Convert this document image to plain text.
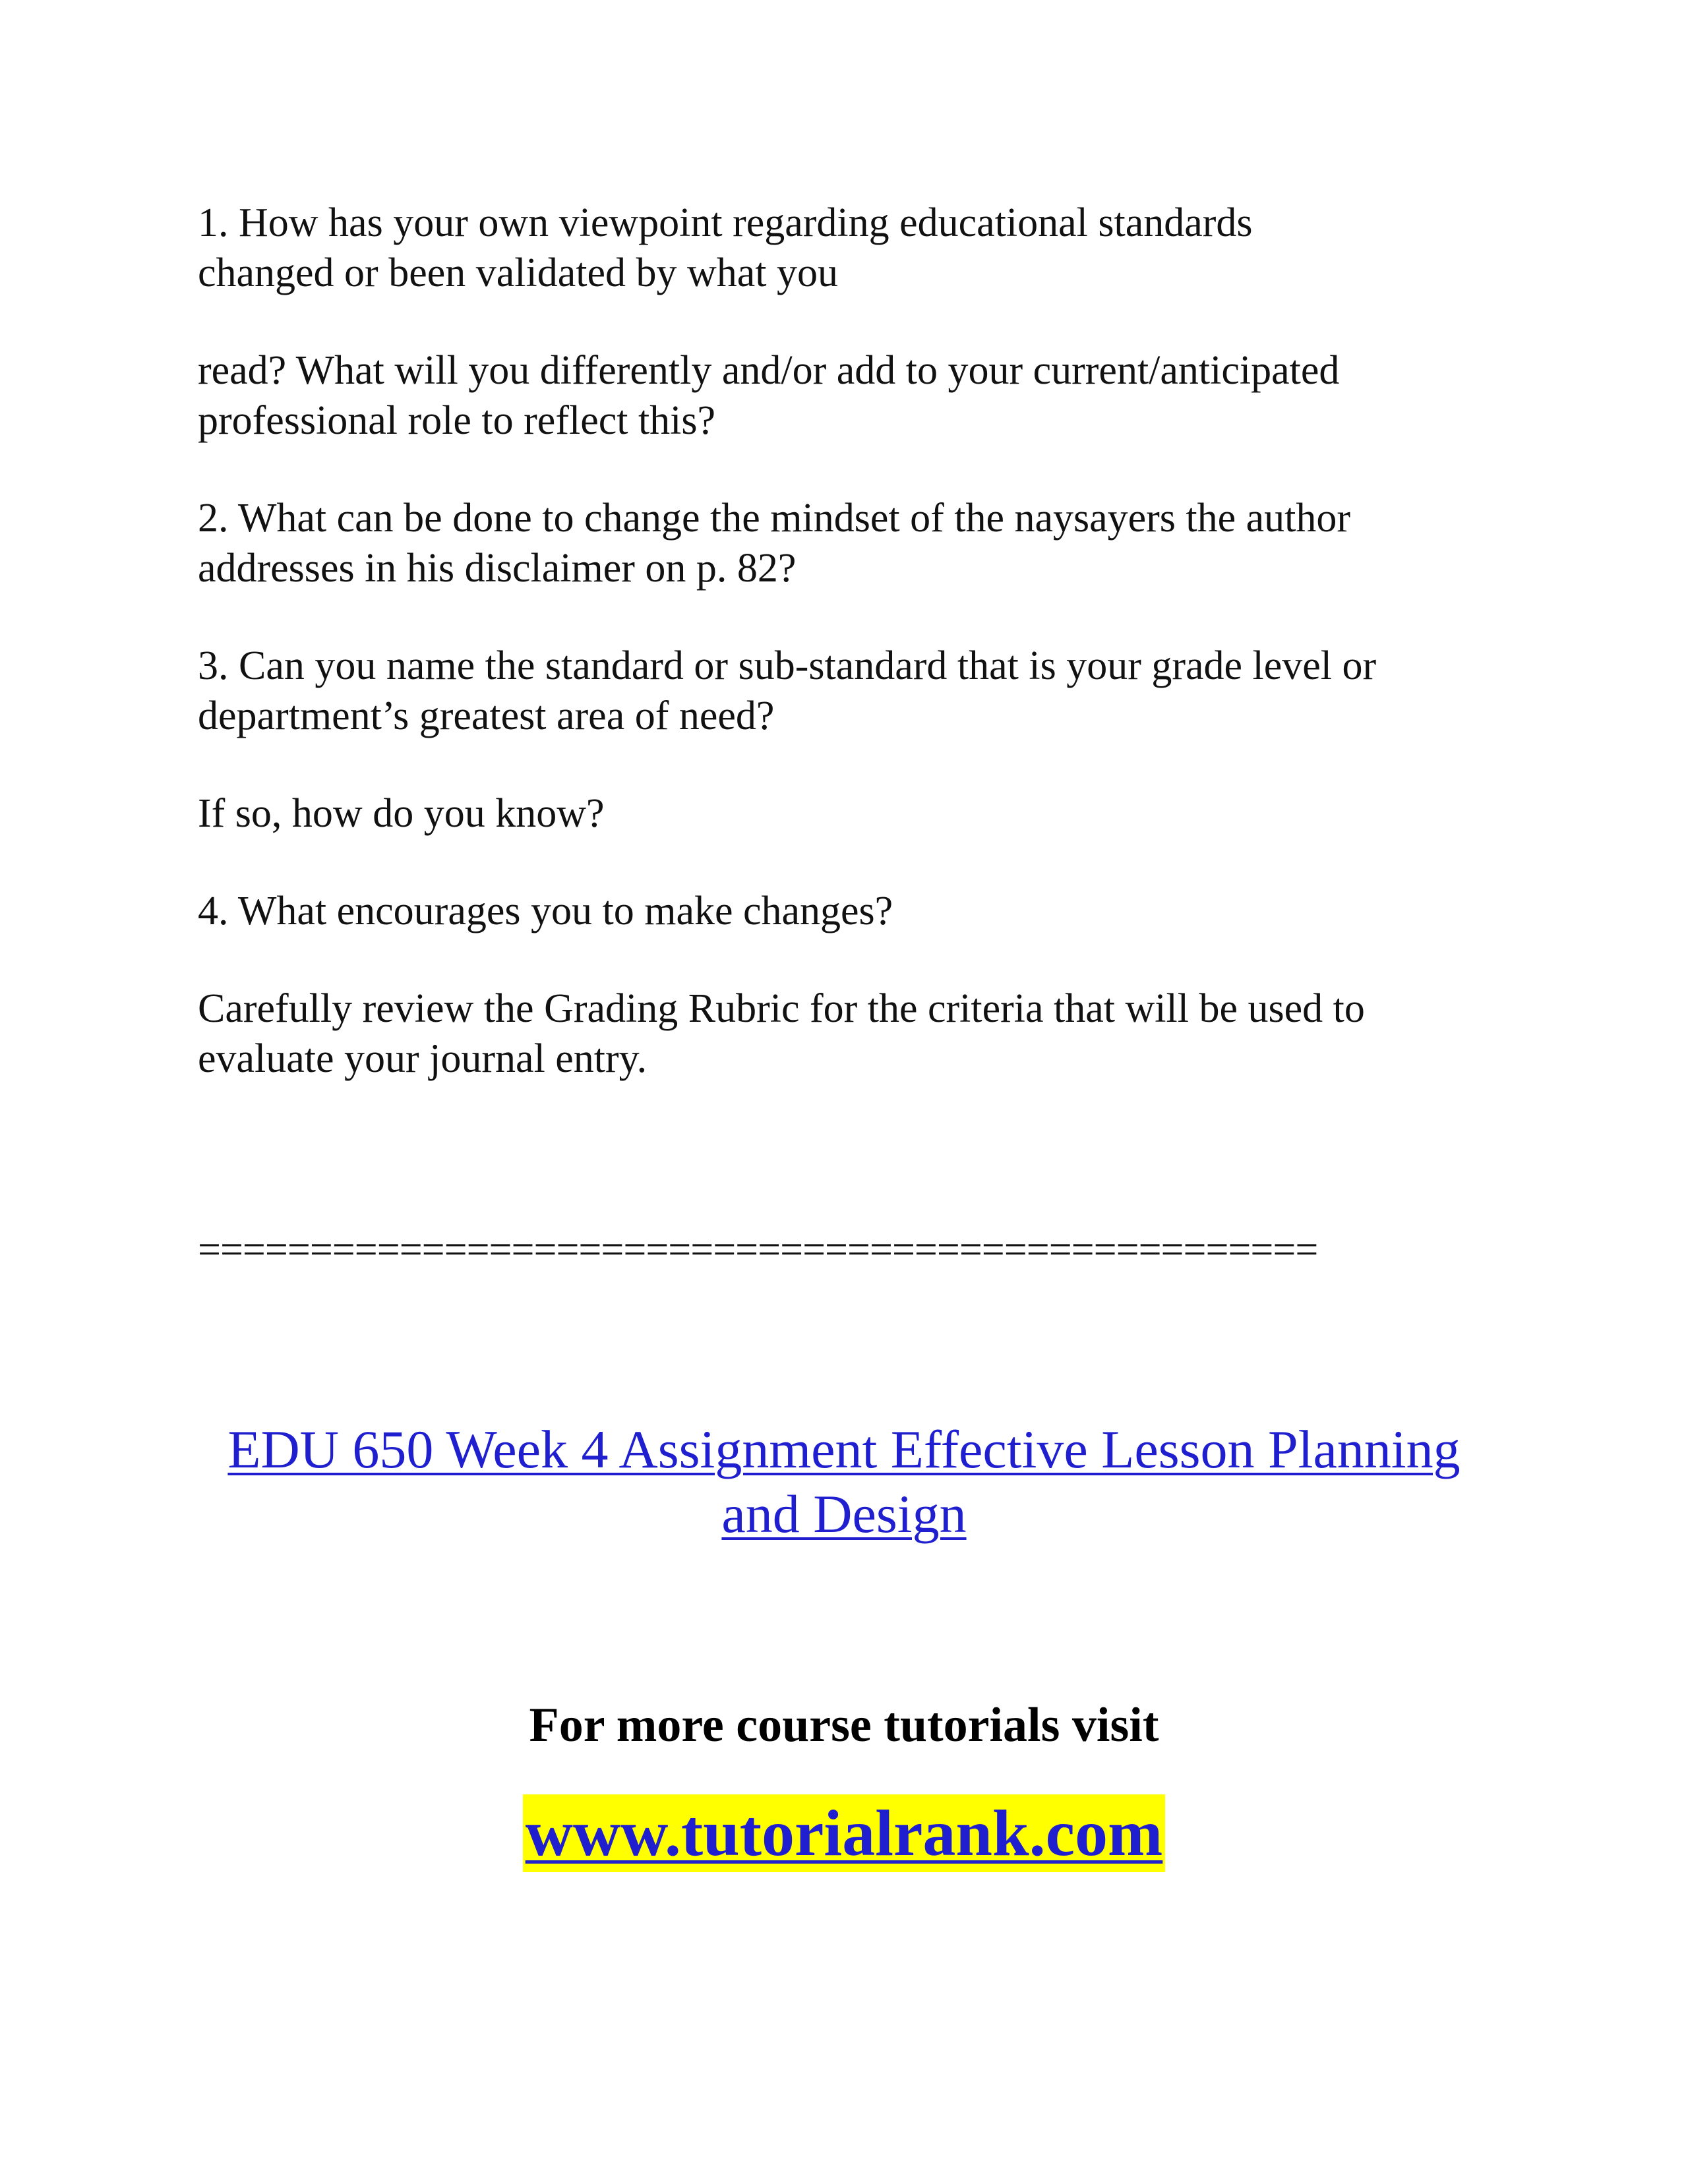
1. How has your own viewpoint regarding educational standards
changed or been validated by what you

read? What will you differently and/or add to your current/anticipated
professional role to reflect this?

2. What can be done to change the mindset of the naysayers the author
addresses in his disclaimer on p. 82?

3. Can you name the standard or sub-standard that is your grade level or
department’s greatest area of need?

If so, how do you know?

4. What encourages you to make changes?

Carefully review the Grading Rubric for the criteria that will be used to
evaluate your journal entry.

==================================================

EDU 650 Week 4 Assignment Effective Lesson Planning
and Design

For more course tutorials visit

www.tutorialrank.com
